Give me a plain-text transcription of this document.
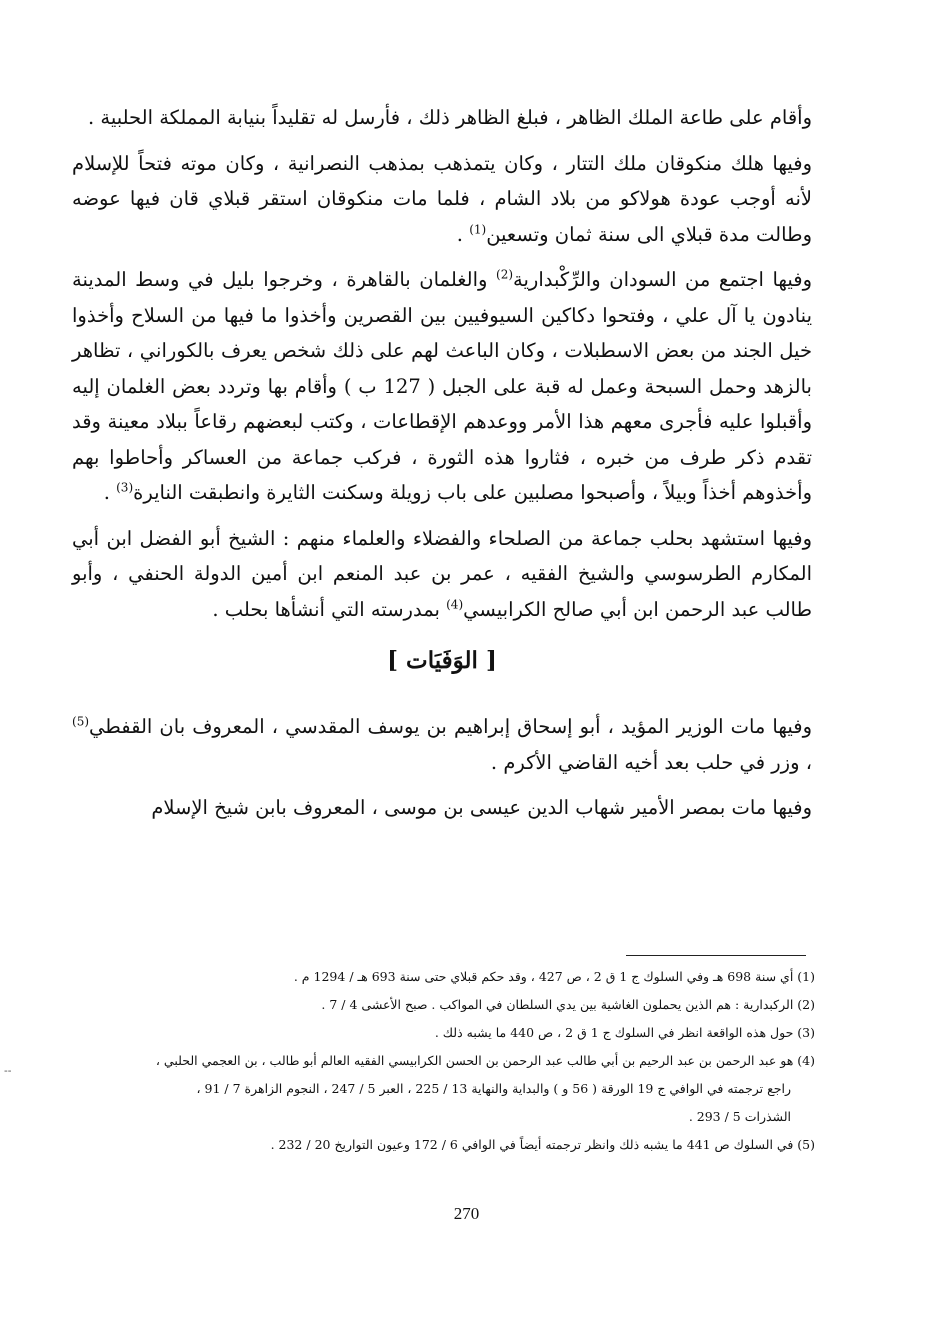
وأقام على طاعة الملك الظاهر ، فبلغ الظاهر ذلك ، فأرسل له تقليداً بنيابة المملكة الحلبية .

وفيها هلك منكوقان ملك التتار ، وكان يتمذهب بمذهب النصرانية ، وكان موته فتحاً للإسلام لأنه أوجب عودة هولاكو من بلاد الشام ، فلما مات منكوقان استقر قبلاي قان فيها عوضه وطالت مدة قبلاي الى سنة ثمان وتسعين$^{(1)}$ .

وفيها اجتمع من السودان والرِّكْبدارية$^{(2)}$ والغلمان بالقاهرة ، وخرجوا بليل في وسط المدينة ينادون يا آل علي ، وفتحوا دكاكين السيوفيين بين القصرين وأخذوا ما فيها من السلاح وأخذوا خيل الجند من بعض الاسطبلات ، وكان الباعث لهم على ذلك شخص يعرف بالكوراني ، تظاهر بالزهد وحمل السبحة وعمل له قبة على الجبل ( 127 ب ) وأقام بها وتردد بعض الغلمان إليه وأقبلوا عليه فأجرى معهم هذا الأمر ووعدهم الإقطاعات ، وكتب لبعضهم رقاعاً ببلاد معينة وقد تقدم ذكر طرف من خبره ، فثاروا هذه الثورة ، فركب جماعة من العساكر وأحاطوا بهم وأخذوهم أخذاً وبيلاً ، وأصبحوا مصلبين على باب زويلة وسكنت الثايرة وانطبقت النايرة$^{(3)}$ .

وفيها استشهد بحلب جماعة من الصلحاء والفضلاء والعلماء منهم : الشيخ أبو الفضل ابن أبي المكارم الطرسوسي والشيخ الفقيه ، عمر بن عبد المنعم ابن أمين الدولة الحنفي ، وأبو طالب عبد الرحمن ابن أبي صالح الكرابيسي$^{(4)}$ بمدرسته التي أنشأها بحلب .

[ الوَفَيَات ]

وفيها مات الوزير المؤيد ، أبو إسحاق إبراهيم بن يوسف المقدسي ، المعروف بان القفطي$^{(5)}$ ، وزر في حلب بعد أخيه القاضي الأكرم .

وفيها مات بمصر الأمير شهاب الدين عيسى بن موسى ، المعروف بابن شيخ الإسلام

(1) أي سنة 698 هـ وفي السلوك ج 1 ق 2 ، ص 427 ، وقد حكم قبلاي حتى سنة 693 هـ / 1294 م .

(2) الركبدارية : هم الذين يحملون الغاشية بين يدي السلطان في المواكب . صبح الأعشى 4 / 7 .

(3) حول هذه الواقعة انظر في السلوك ج 1 ق 2 ، ص 440 ما يشبه ذلك .

(4) هو عبد الرحمن بن عبد الرحيم بن أبي طالب عبد الرحمن بن الحسن الكرابيسي الفقيه العالم أبو طالب ، بن العجمي الحلبي ،

راجع ترجمته في الوافي ج 19 الورقة ( 56 و ) والبداية والنهاية 13 / 225 ، العبر 5 / 247 ، النجوم الزاهرة 7 / 91 ، الشذرات 5 / 293 .

(5) في السلوك ص 441 ما يشبه ذلك وانظر ترجمته أيضاً في الوافي 6 / 172 وعيون التواريخ 20 / 232 .

--
270
